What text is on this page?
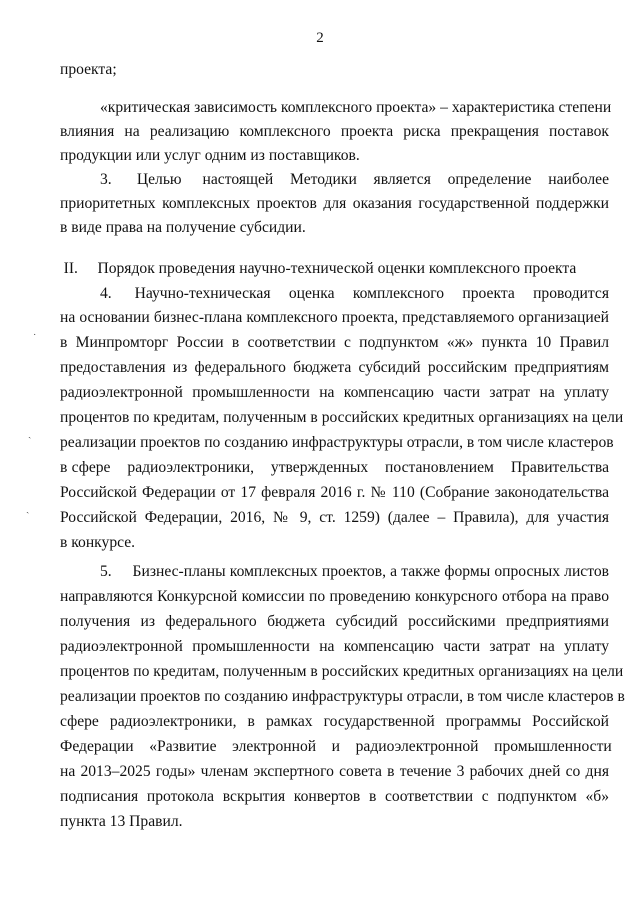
2
проекта;
«критическая зависимость комплексного проекта» – характеристика степени
влияния на реализацию комплексного проекта риска прекращения поставок
продукции или услуг одним из поставщиков.
3.      Целью     настоящей    Методики    является    определение    наиболее
приоритетных комплексных проектов для оказания государственной поддержки
в виде права на получение субсидии.
II.     Порядок проведения научно-технической оценки комплексного проекта
4.     Научно-техническая    оценка    комплексного    проекта    проводится
на основании бизнес-плана комплексного проекта, представляемого организацией
в Минпромторг России в соответствии с подпунктом «ж» пункта 10 Правил
предоставления из федерального бюджета субсидий российским предприятиям
радиоэлектронной промышленности на компенсацию части затрат на уплату
процентов по кредитам, полученным в российских кредитных организациях на цели
реализации проектов по созданию инфраструктуры отрасли, в том числе кластеров
в сфере    радиоэлектроники,    утвержденных    постановлением    Правительства
Российской Федерации от 17 февраля 2016 г. № 110 (Собрание законодательства
Российской Федерации, 2016, № 9, ст. 1259) (далее – Правила), для участия
в конкурсе.
5.     Бизнес-планы комплексных проектов, а также формы опросных листов
направляются Конкурсной комиссии по проведению конкурсного отбора на право
получения из федерального бюджета субсидий российскими предприятиями
радиоэлектронной промышленности на компенсацию части затрат на уплату
процентов по кредитам, полученным в российских кредитных организациях на цели
реализации проектов по созданию инфраструктуры отрасли, в том числе кластеров в
сфере радиоэлектроники, в рамках государственной программы Российской
Федерации    «Развитие    электронной    и    радиоэлектронной    промышленности
на 2013–2025 годы» членам экспертного совета в течение 3 рабочих дней со дня
подписания протокола вскрытия конвертов в соответствии с подпунктом «б»
пункта 13 Правил.
˙
ˏ
ˎ
